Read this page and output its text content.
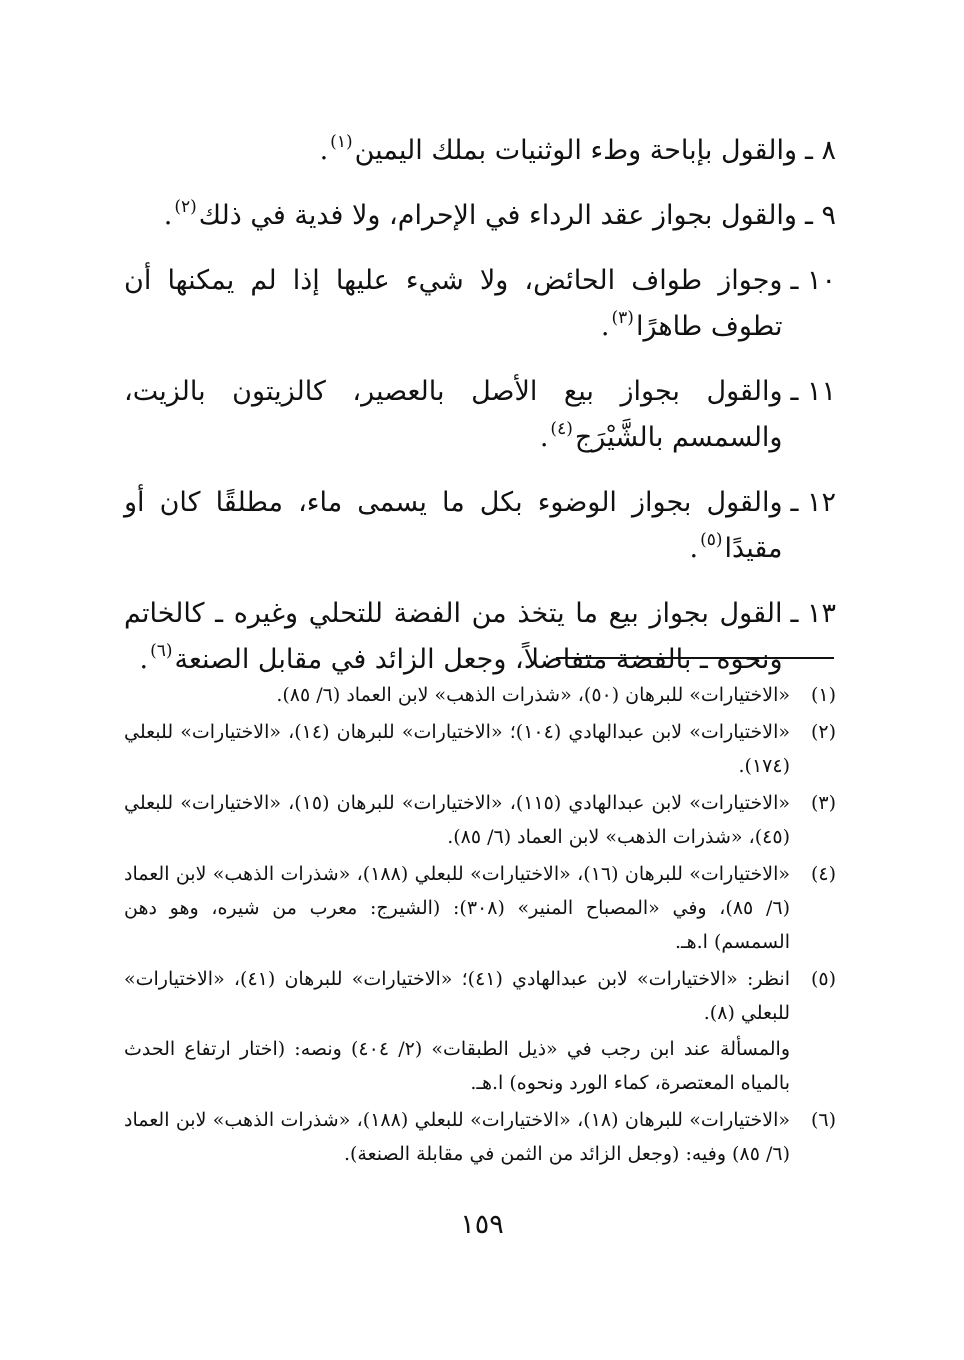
٨ ـ
والقول بإباحة وطء الوثنيات بملك اليمين$^{(١)}$.
٩ ـ
والقول بجواز عقد الرداء في الإحرام، ولا فدية في ذلك$^{(٢)}$.
١٠ ـ
وجواز طواف الحائض، ولا شيء عليها إذا لم يمكنها أن تطوف طاهرًا$^{(٣)}$.
١١ ـ
والقول بجواز بيع الأصل بالعصير، كالزيتون بالزيت، والسمسم بالشَّيْرَج$^{(٤)}$.
١٢ ـ
والقول بجواز الوضوء بكل ما يسمى ماء، مطلقًا كان أو مقيدًا$^{(٥)}$.
١٣ ـ
القول بجواز بيع ما يتخذ من الفضة للتحلي وغيره ـ كالخاتم ونحوه ـ بالفضة متفاضلاً، وجعل الزائد في مقابل الصنعة$^{(٦)}$.
(١)
«الاختيارات» للبرهان (٥٠)، «شذرات الذهب» لابن العماد (٦/ ٨٥).
(٢)
«الاختيارات» لابن عبدالهادي (١٠٤)؛ «الاختيارات» للبرهان (١٤)، «الاختيارات» للبعلي (١٧٤).
(٣)
«الاختيارات» لابن عبدالهادي (١١٥)، «الاختيارات» للبرهان (١٥)، «الاختيارات» للبعلي (٤٥)، «شذرات الذهب» لابن العماد (٦/ ٨٥).
(٤)
«الاختيارات» للبرهان (١٦)، «الاختيارات» للبعلي (١٨٨)، «شذرات الذهب» لابن العماد (٦/ ٨٥)، وفي «المصباح المنير» (٣٠٨): (الشيرج: معرب من شيره، وهو دهن السمسم) ا.هـ.
(٥)
انظر: «الاختيارات» لابن عبدالهادي (٤١)؛ «الاختيارات» للبرهان (٤١)، «الاختيارات» للبعلي (٨).
والمسألة عند ابن رجب في «ذيل الطبقات» (٢/ ٤٠٤) ونصه: (اختار ارتفاع الحدث بالمياه المعتصرة، كماء الورد ونحوه) ا.هـ.
(٦)
«الاختيارات» للبرهان (١٨)، «الاختيارات» للبعلي (١٨٨)، «شذرات الذهب» لابن العماد (٦/ ٨٥) وفيه: (وجعل الزائد من الثمن في مقابلة الصنعة).
١٥٩
